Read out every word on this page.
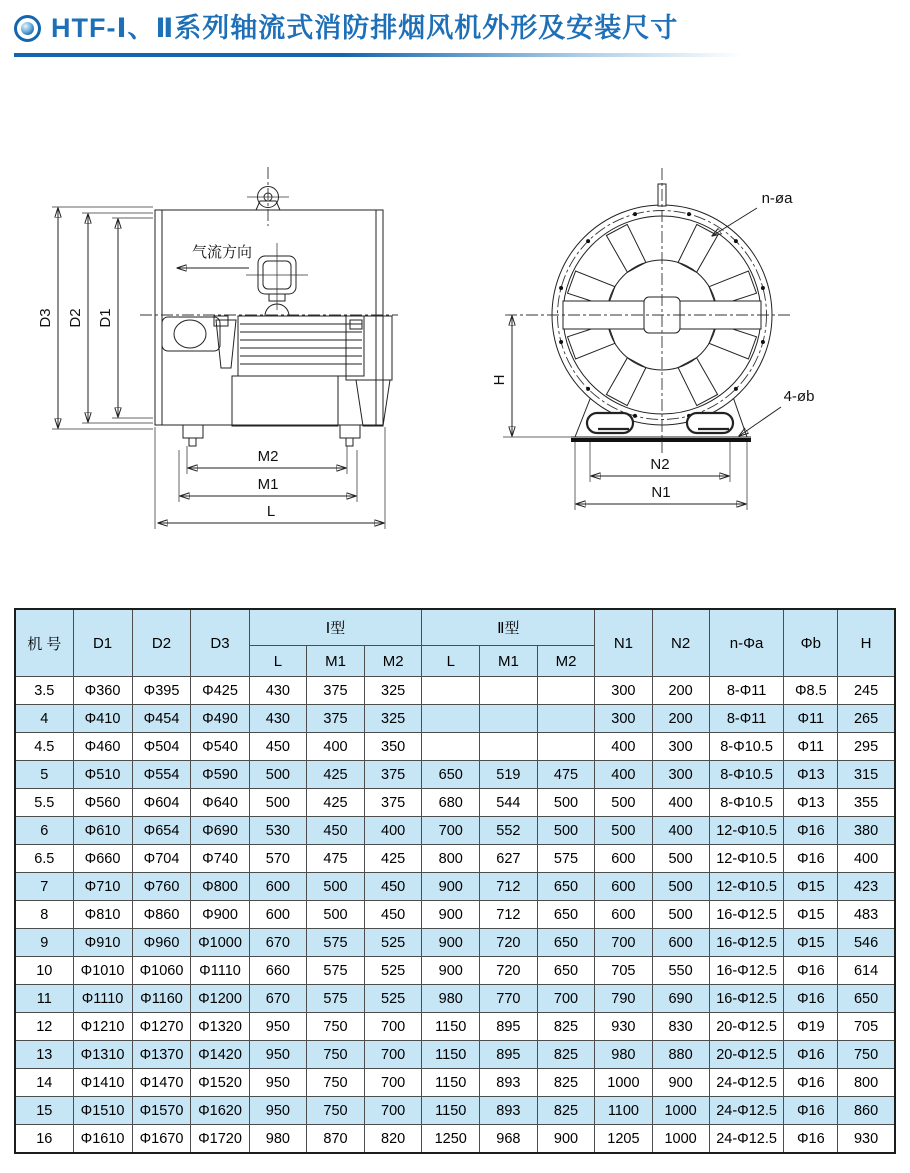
HTF-Ⅰ、Ⅱ系列轴流式消防排烟风机外形及安装尺寸
气流方向
D3 D2 D1
M2
M1
L
H
n-øa
4-øb
N2
N1
机 号	D1	D2	D3	Ⅰ型			Ⅱ型			N1	N2	n-Φa	Φb	H
				L	M1	M2	L	M1	M2					
3.5	Φ360	Φ395	Φ425	430	375	325				300	200	8-Φ11	Φ8.5	245
4	Φ410	Φ454	Φ490	430	375	325				300	200	8-Φ11	Φ11	265
4.5	Φ460	Φ504	Φ540	450	400	350				400	300	8-Φ10.5	Φ11	295
5	Φ510	Φ554	Φ590	500	425	375	650	519	475	400	300	8-Φ10.5	Φ13	315
5.5	Φ560	Φ604	Φ640	500	425	375	680	544	500	500	400	8-Φ10.5	Φ13	355
6	Φ610	Φ654	Φ690	530	450	400	700	552	500	500	400	12-Φ10.5	Φ16	380
6.5	Φ660	Φ704	Φ740	570	475	425	800	627	575	600	500	12-Φ10.5	Φ16	400
7	Φ710	Φ760	Φ800	600	500	450	900	712	650	600	500	12-Φ10.5	Φ15	423
8	Φ810	Φ860	Φ900	600	500	450	900	712	650	600	500	16-Φ12.5	Φ15	483
9	Φ910	Φ960	Φ1000	670	575	525	900	720	650	700	600	16-Φ12.5	Φ15	546
10	Φ1010	Φ1060	Φ1110	660	575	525	900	720	650	705	550	16-Φ12.5	Φ16	614
11	Φ1110	Φ1160	Φ1200	670	575	525	980	770	700	790	690	16-Φ12.5	Φ16	650
12	Φ1210	Φ1270	Φ1320	950	750	700	1150	895	825	930	830	20-Φ12.5	Φ19	705
13	Φ1310	Φ1370	Φ1420	950	750	700	1150	895	825	980	880	20-Φ12.5	Φ16	750
14	Φ1410	Φ1470	Φ1520	950	750	700	1150	893	825	1000	900	24-Φ12.5	Φ16	800
15	Φ1510	Φ1570	Φ1620	950	750	700	1150	893	825	1100	1000	24-Φ12.5	Φ16	860
16	Φ1610	Φ1670	Φ1720	980	870	820	1250	968	900	1205	1000	24-Φ12.5	Φ16	930
